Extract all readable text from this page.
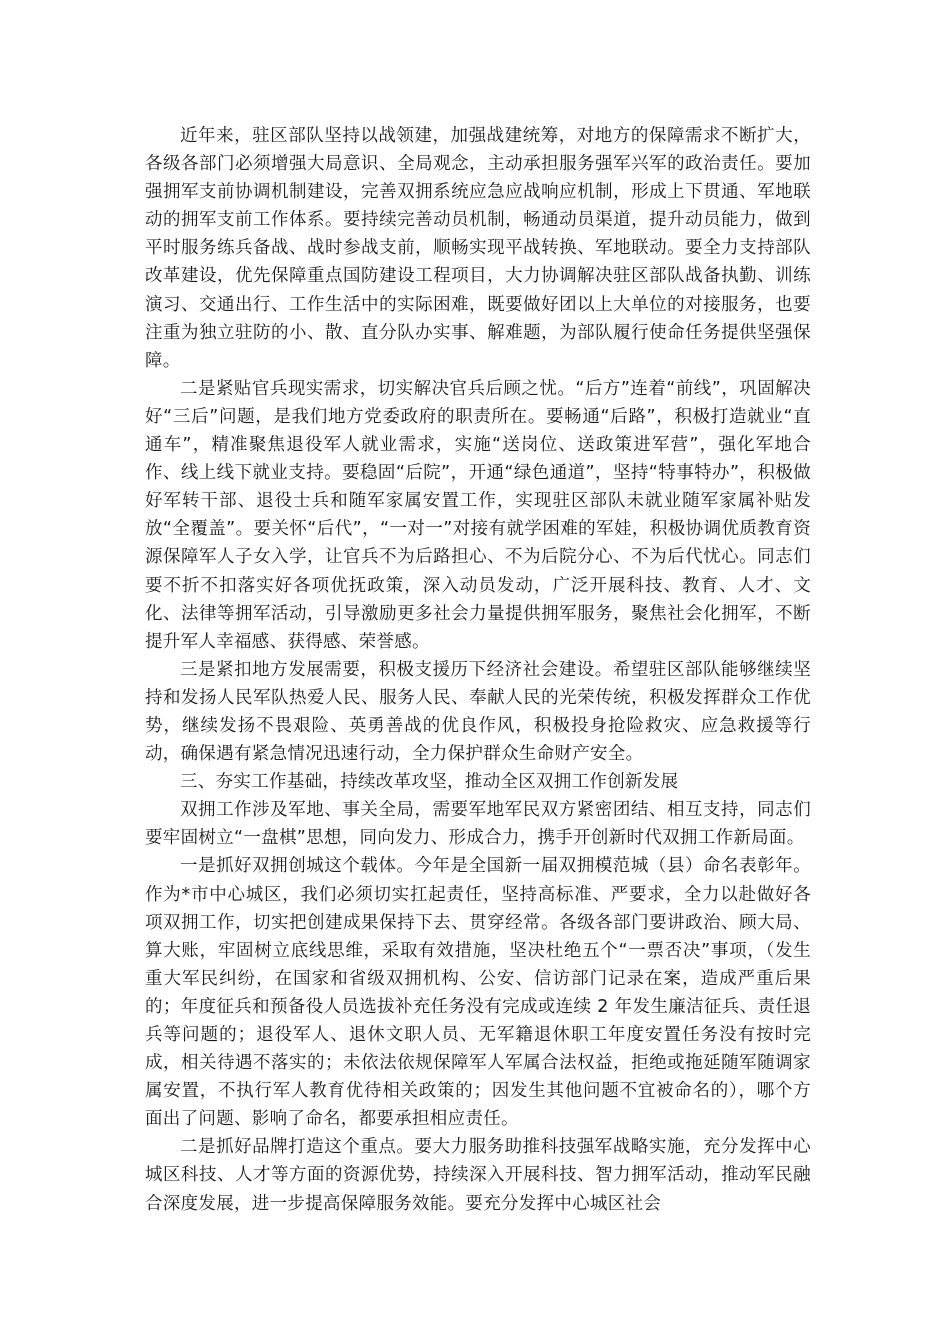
近年来，驻区部队坚持以战领建，加强战建统筹，对地方的保障需求不断扩大，各级各部门必须增强大局意识、全局观念，主动承担服务强军兴军的政治责任。要加强拥军支前协调机制建设，完善双拥系统应急应战响应机制，形成上下贯通、军地联动的拥军支前工作体系。要持续完善动员机制，畅通动员渠道，提升动员能力，做到平时服务练兵备战、战时参战支前，顺畅实现平战转换、军地联动。要全力支持部队改革建设，优先保障重点国防建设工程项目，大力协调解决驻区部队战备执勤、训练演习、交通出行、工作生活中的实际困难，既要做好团以上大单位的对接服务，也要注重为独立驻防的小、散、直分队办实事、解难题，为部队履行使命任务提供坚强保障。

二是紧贴官兵现实需求，切实解决官兵后顾之忧。“后方”连着“前线”，巩固解决好“三后”问题，是我们地方党委政府的职责所在。要畅通“后路”，积极打造就业“直通车”，精准聚焦退役军人就业需求，实施“送岗位、送政策进军营”，强化军地合作、线上线下就业支持。要稳固“后院”，开通“绿色通道”，坚持“特事特办”，积极做好军转干部、退役士兵和随军家属安置工作，实现驻区部队未就业随军家属补贴发放“全覆盖”。要关怀“后代”，“一对一”对接有就学困难的军娃，积极协调优质教育资源保障军人子女入学，让官兵不为后路担心、不为后院分心、不为后代忧心。同志们要不折不扣落实好各项优抚政策，深入动员发动，广泛开展科技、教育、人才、文化、法律等拥军活动，引导激励更多社会力量提供拥军服务，聚焦社会化拥军，不断提升军人幸福感、获得感、荣誉感。

三是紧扣地方发展需要，积极支援历下经济社会建设。希望驻区部队能够继续坚持和发扬人民军队热爱人民、服务人民、奉献人民的光荣传统，积极发挥群众工作优势，继续发扬不畏艰险、英勇善战的优良作风，积极投身抢险救灾、应急救援等行动，确保遇有紧急情况迅速行动，全力保护群众生命财产安全。

三、夯实工作基础，持续改革攻坚，推动全区双拥工作创新发展

双拥工作涉及军地、事关全局，需要军地军民双方紧密团结、相互支持，同志们要牢固树立“一盘棋”思想，同向发力、形成合力，携手开创新时代双拥工作新局面。

一是抓好双拥创城这个载体。今年是全国新一届双拥模范城（县）命名表彰年。作为*市中心城区，我们必须切实扛起责任，坚持高标准、严要求，全力以赴做好各项双拥工作，切实把创建成果保持下去、贯穿经常。各级各部门要讲政治、顾大局、算大账，牢固树立底线思维，采取有效措施，坚决杜绝五个“一票否决”事项，（发生重大军民纠纷，在国家和省级双拥机构、公安、信访部门记录在案，造成严重后果的；年度征兵和预备役人员选拔补充任务没有完成或连续 2 年发生廉洁征兵、责任退兵等问题的；退役军人、退休文职人员、无军籍退休职工年度安置任务没有按时完成，相关待遇不落实的；未依法依规保障军人军属合法权益，拒绝或拖延随军随调家属安置，不执行军人教育优待相关政策的；因发生其他问题不宜被命名的），哪个方面出了问题、影响了命名，都要承担相应责任。

二是抓好品牌打造这个重点。要大力服务助推科技强军战略实施，充分发挥中心城区科技、人才等方面的资源优势，持续深入开展科技、智力拥军活动，推动军民融合深度发展，进一步提高保障服务效能。要充分发挥中心城区社会
